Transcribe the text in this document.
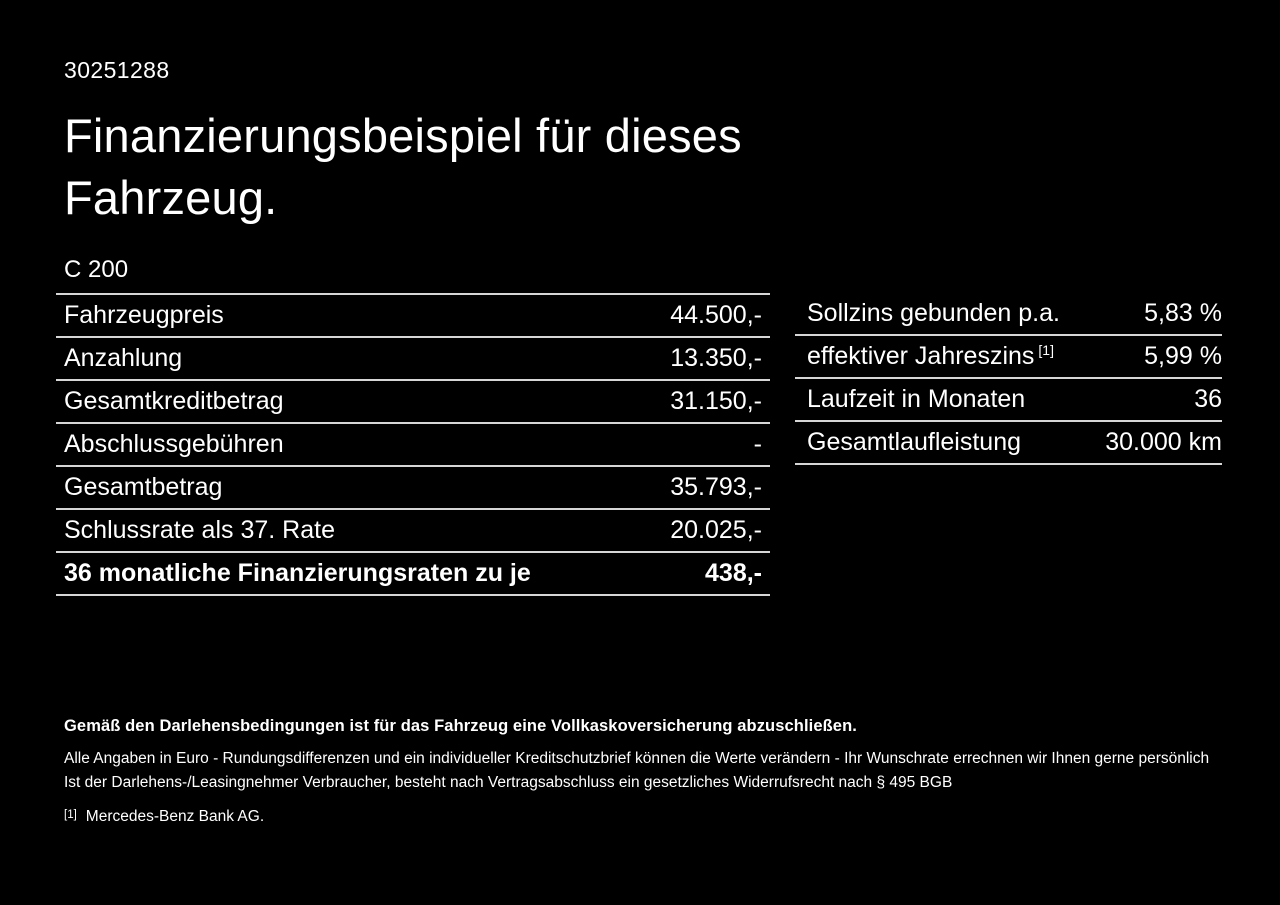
30251288
Finanzierungsbeispiel für dieses Fahrzeug.
C 200
Fahrzeugpreis	44.500,-
Anzahlung	13.350,-
Gesamtkreditbetrag	31.150,-
Abschlussgebühren	-
Gesamtbetrag	35.793,-
Schlussrate als 37. Rate	20.025,-
36 monatliche Finanzierungsraten zu je	438,-
Sollzins gebunden p.a.	5,83 %
effektiver Jahreszins [1]	5,99 %
Laufzeit in Monaten	36
Gesamtlaufleistung	30.000 km
Gemäß den Darlehensbedingungen ist für das Fahrzeug eine Vollkaskoversicherung abzuschließen.
Alle Angaben in Euro - Rundungsdifferenzen und ein individueller Kreditschutzbrief können die Werte verändern - Ihr Wunschrate errechnen wir Ihnen gerne persönlich
Ist der Darlehens-/Leasingnehmer Verbraucher, besteht nach Vertragsabschluss ein gesetzliches Widerrufsrecht nach § 495 BGB
[1] Mercedes-Benz Bank AG.
